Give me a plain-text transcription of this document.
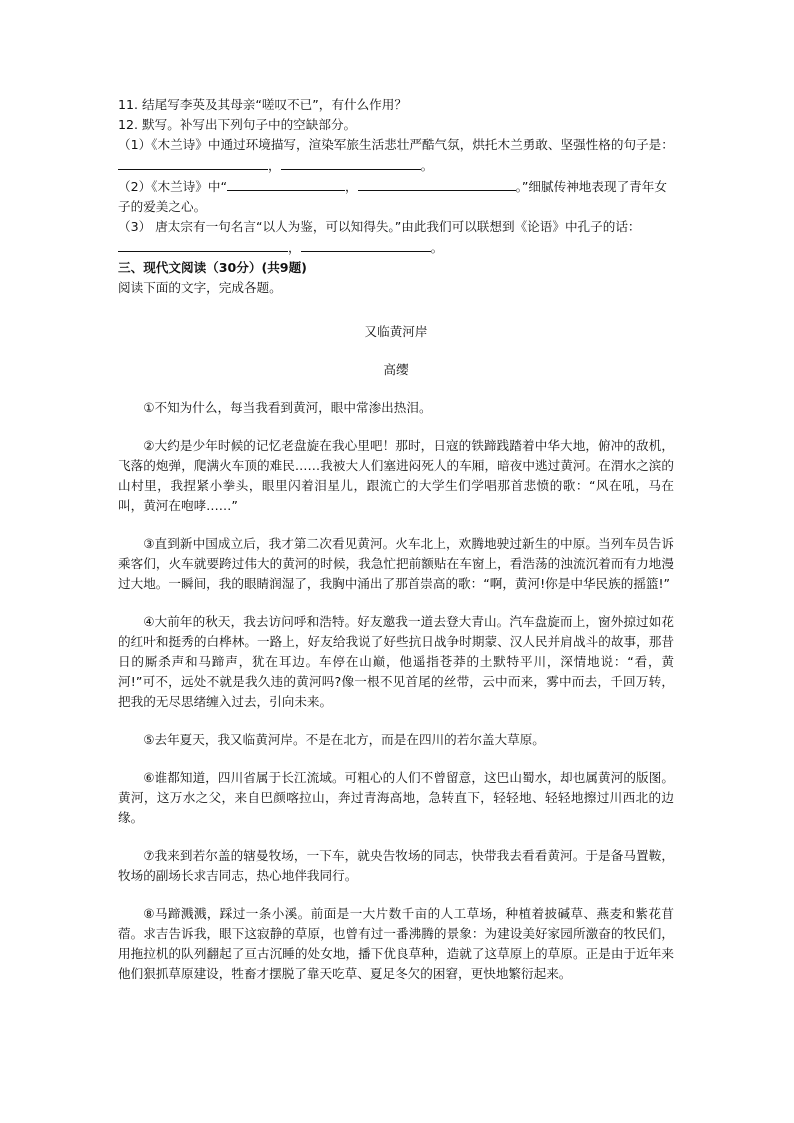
11. 结尾写李英及其母亲“嗟叹不已”，有什么作用？

12. 默写。补写出下列句子中的空缺部分。

（1）《木兰诗》中通过环境描写，渲染军旅生活悲壮严酷气氛，烘托木兰勇敢、坚强性格的句子是：，	。

（2）《木兰诗》中“	，	。”细腻传神地表现了青年女子的爱美之心。

（3） 唐太宗有一句名言“以人为鉴，可以知得失。”由此我们可以联想到《论语》中孔子的话：，	。

三、现代文阅读（30分）(共9题)

阅读下面的文字，完成各题。

又临黄河岸

高缨

①不知为什么，每当我看到黄河，眼中常渗出热泪。

②大约是少年时候的记忆老盘旋在我心里吧！那时，日寇的铁蹄践踏着中华大地，俯冲的敌机，飞落的炮弹，爬满火车顶的难民……我被大人们塞进闷死人的车厢，暗夜中逃过黄河。在渭水之滨的山村里，我捏紧小拳头，眼里闪着泪星儿，跟流亡的大学生们学唱那首悲愤的歌：“风在吼，马在叫，黄河在咆哮……”

③直到新中国成立后，我才第二次看见黄河。火车北上，欢腾地驶过新生的中原。当列车员告诉乘客们，火车就要跨过伟大的黄河的时候，我急忙把前额贴在车窗上，看浩荡的浊流沉着而有力地漫过大地。一瞬间，我的眼睛润湿了，我胸中涌出了那首崇高的歌：“啊，黄河!你是中华民族的摇篮!”

④大前年的秋天，我去访问呼和浩特。好友邀我一道去登大青山。汽车盘旋而上，窗外掠过如花的红叶和挺秀的白桦林。一路上，好友给我说了好些抗日战争时期蒙、汉人民并肩战斗的故事，那昔日的厮杀声和马蹄声，犹在耳边。车停在山巅，他遥指苍莽的土默特平川，深情地说：“看，黄河!”可不，远处不就是我久违的黄河吗?像一根不见首尾的丝带，云中而来，雾中而去，千回万转，把我的无尽思绪缠入过去，引向未来。

⑤去年夏天，我又临黄河岸。不是在北方，而是在四川的若尔盖大草原。

⑥谁都知道，四川省属于长江流域。可粗心的人们不曾留意，这巴山蜀水，却也属黄河的版图。黄河，这万水之父，来自巴颜喀拉山，奔过青海高地，急转直下，轻轻地、轻轻地擦过川西北的边缘。

⑦我来到若尔盖的辖曼牧场，一下车，就央告牧场的同志，快带我去看看黄河。于是备马置鞍，牧场的副场长求吉同志，热心地伴我同行。

⑧马蹄溅溅，踩过一条小溪。前面是一大片数千亩的人工草场，种植着披碱草、燕麦和紫花苜蓿。求吉告诉我，眼下这寂静的草原，也曾有过一番沸腾的景象：为建设美好家园所激奋的牧民们，用拖拉机的队列翻起了亘古沉睡的处女地，播下优良草种，造就了这草原上的草原。正是由于近年来他们狠抓草原建设，牲畜才摆脱了靠天吃草、夏足冬欠的困窘，更快地繁衍起来。
